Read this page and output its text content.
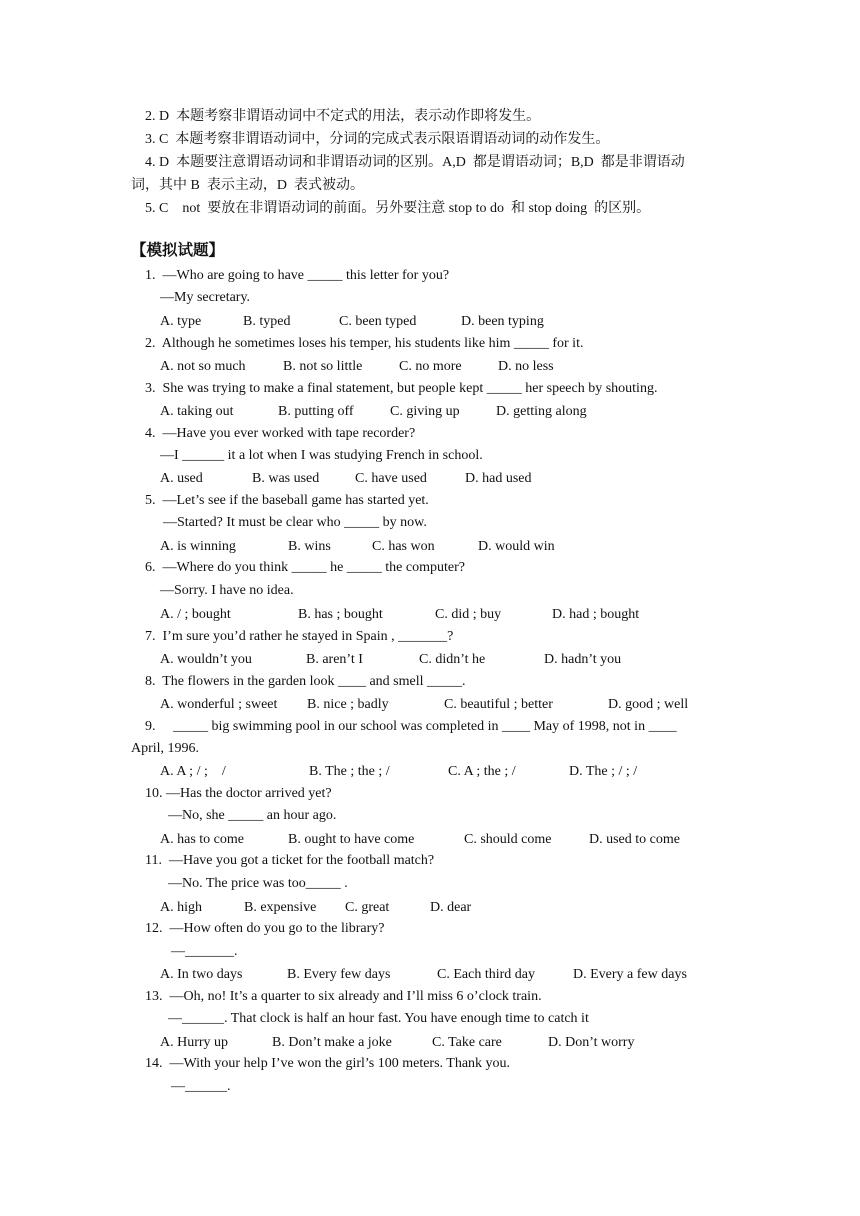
2. D  本题考察非谓语动词中不定式的用法，表示动作即将发生。
3. C  本题考察非谓语动词中，分词的完成式表示限语谓语动词的动作发生。
4. D  本题要注意谓语动词和非谓语动词的区别。A,D  都是谓语动词；B,D  都是非谓语动
词，其中 B  表示主动，D  表式被动。
5. C    not  要放在非谓语动词的前面。另外要注意 stop to do  和 stop doing  的区别。
【模拟试题】
1.  —Who are going to have _____ this letter for you?
—My secretary.
A. type	B. typed	C. been typed	D. been typing
2.  Although he sometimes loses his temper, his students like him _____ for it.
A. not so much	B. not so little	C. no more	D. no less
3.  She was trying to make a final statement, but people kept _____ her speech by shouting.
A. taking out	B. putting off	C. giving up	D. getting along
4.  —Have you ever worked with tape recorder?
—I ______ it a lot when I was studying French in school.
A. used	B. was used	C. have used	D. had used
5.  —Let’s see if the baseball game has started yet.
—Started? It must be clear who _____ by now.
A. is winning	B. wins	C. has won	D. would win
6.  —Where do you think _____ he _____ the computer?
—Sorry. I have no idea.
A. / ; bought	B. has ; bought	C. did ; buy	D. had ; bought
7.  I’m sure you’d rather he stayed in Spain , _______?
A. wouldn’t you	B. aren’t I	C. didn’t he	D. hadn’t you
8.  The flowers in the garden look ____ and smell _____.
A. wonderful ; sweet B. nice ; badly	C. beautiful ; better	D. good ; well
9.     _____ big swimming pool in our school was completed in ____ May of 1998, not in ____
April, 1996.
A. A ; / ;    /	B. The ; the ; /	C. A ; the ; /	D. The ; / ; /
10. —Has the doctor arrived yet?
—No, she _____ an hour ago.
A. has to come	B. ought to have come	C. should come	D. used to come
11.  —Have you got a ticket for the football match?
—No. The price was too_____ .
A. high	B. expensive C. great	D. dear
12.  —How often do you go to the library?
—_______.
A. In two days	B. Every few days	C. Each third day	D. Every a few days
13.  —Oh, no! It’s a quarter to six already and I’ll miss 6 o’clock train.
—______. That clock is half an hour fast. You have enough time to catch it
A. Hurry up	B. Don’t make a joke	C. Take care	D. Don’t worry
14.  —With your help I’ve won the girl’s 100 meters. Thank you.
—______.
